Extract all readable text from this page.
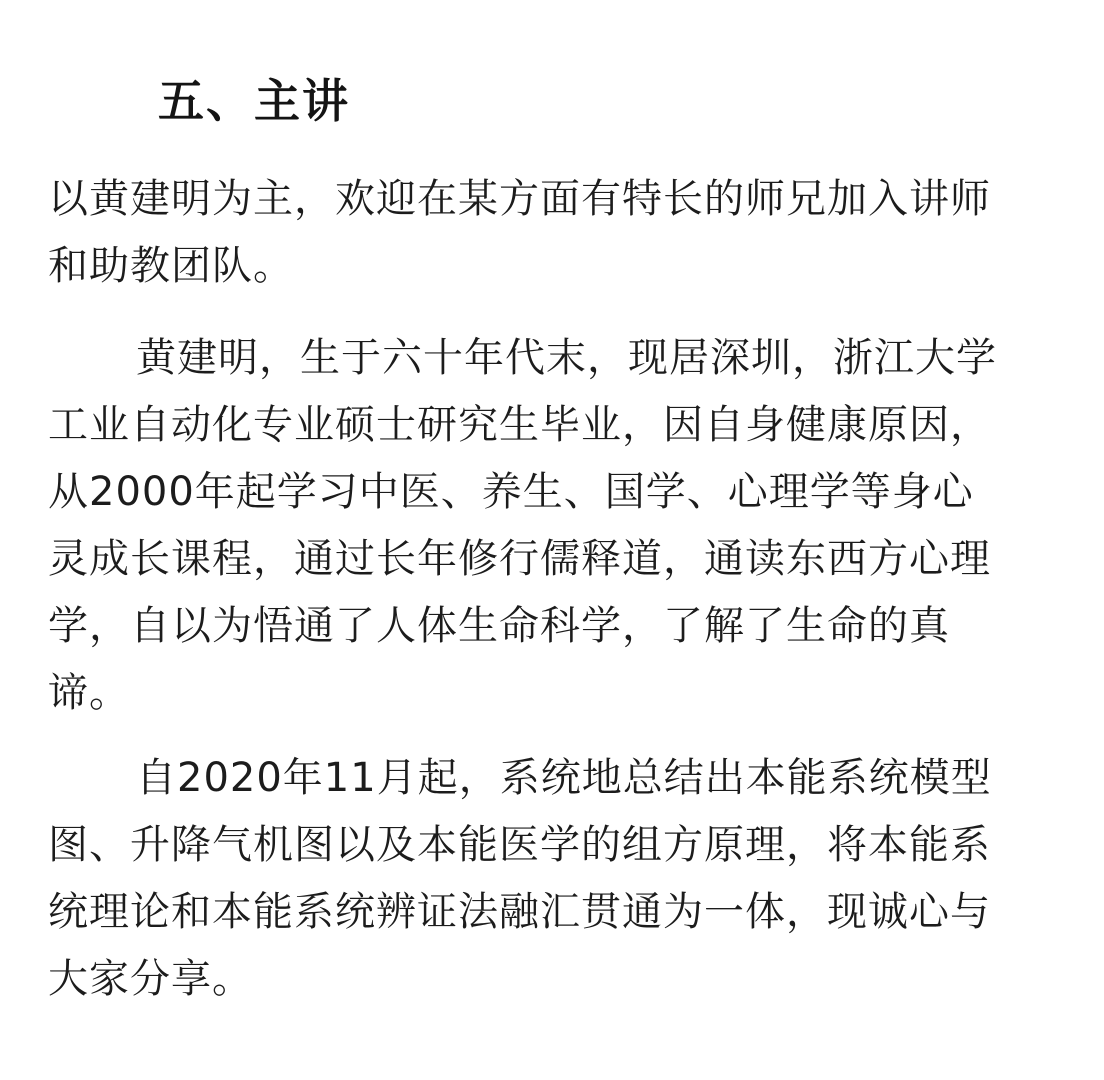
五、主讲
以黄建明为主，欢迎在某方面有特长的师兄加入讲师
和助教团队。
黄建明，生于六十年代末，现居深圳，浙江大学
工业自动化专业硕士研究生毕业，因自身健康原因，
从2000年起学习中医、养生、国学、心理学等身心
灵成长课程，通过长年修行儒释道，通读东西方心理
学，自以为悟通了人体生命科学，了解了生命的真
谛。
自2020年11月起，系统地总结出本能系统模型
图、升降气机图以及本能医学的组方原理，将本能系
统理论和本能系统辨证法融汇贯通为一体，现诚心与
大家分享。
